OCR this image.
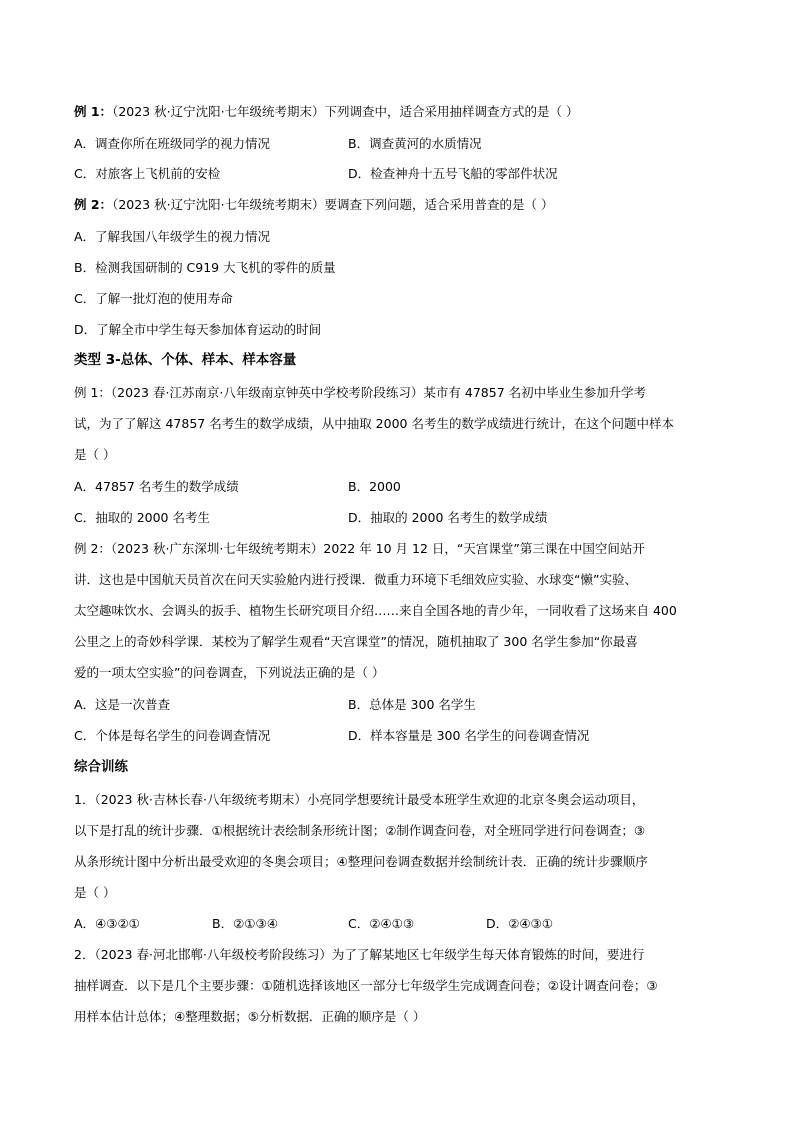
例 1：（2023 秋·辽宁沈阳·七年级统考期末）下列调查中，适合采用抽样调查方式的是（ ）
A．调查你所在班级同学的视力情况	B．调查黄河的水质情况
C．对旅客上飞机前的安检	D．检查神舟十五号飞船的零部件状况
例 2：（2023 秋·辽宁沈阳·七年级统考期末）要调查下列问题，适合采用普查的是（ ）
A．了解我国八年级学生的视力情况
B．检测我国研制的 C919 大飞机的零件的质量
C．了解一批灯泡的使用寿命
D．了解全市中学生每天参加体育运动的时间
类型 3-总体、个体、样本、样本容量
例 1：（2023 春·江苏南京·八年级南京钟英中学校考阶段练习）某市有 47857 名初中毕业生参加升学考
试，为了了解这 47857 名考生的数学成绩，从中抽取 2000 名考生的数学成绩进行统计，在这个问题中样本
是（ ）
A．47857 名考生的数学成绩	B．2000
C．抽取的 2000 名考生	D．抽取的 2000 名考生的数学成绩
例 2：（2023 秋·广东深圳·七年级统考期末）2022 年 10 月 12 日，“天宫课堂”第三课在中国空间站开
讲．这也是中国航天员首次在问天实验舱内进行授课．微重力环境下毛细效应实验、水球变“懒”实验、
太空趣味饮水、会调头的扳手、植物生长研究项目介绍……来自全国各地的青少年，一同收看了这场来自 400
公里之上的奇妙科学课．某校为了解学生观看“天宫课堂”的情况，随机抽取了 300 名学生参加“你最喜
爱的一项太空实验”的问卷调查，下列说法正确的是（ ）
A．这是一次普查	B．总体是 300 名学生
C．个体是每名学生的问卷调查情况	D．样本容量是 300 名学生的问卷调查情况
综合训练
1．（2023 秋·吉林长春·八年级统考期末）小亮同学想要统计最受本班学生欢迎的北京冬奥会运动项目，
以下是打乱的统计步骤．①根据统计表绘制条形统计图；②制作调查问卷，对全班同学进行问卷调查；③
从条形统计图中分析出最受欢迎的冬奥会项目；④整理问卷调查数据并绘制统计表．正确的统计步骤顺序
是（ ）
A．④③②①	B．②①③④	C．②④①③	D．②④③①
2．（2023 春·河北邯郸·八年级校考阶段练习）为了了解某地区七年级学生每天体育锻炼的时间，要进行
抽样调查．以下是几个主要步骤：①随机选择该地区一部分七年级学生完成调查问卷；②设计调查问卷；③
用样本估计总体；④整理数据；⑤分析数据．正确的顺序是（ ）
